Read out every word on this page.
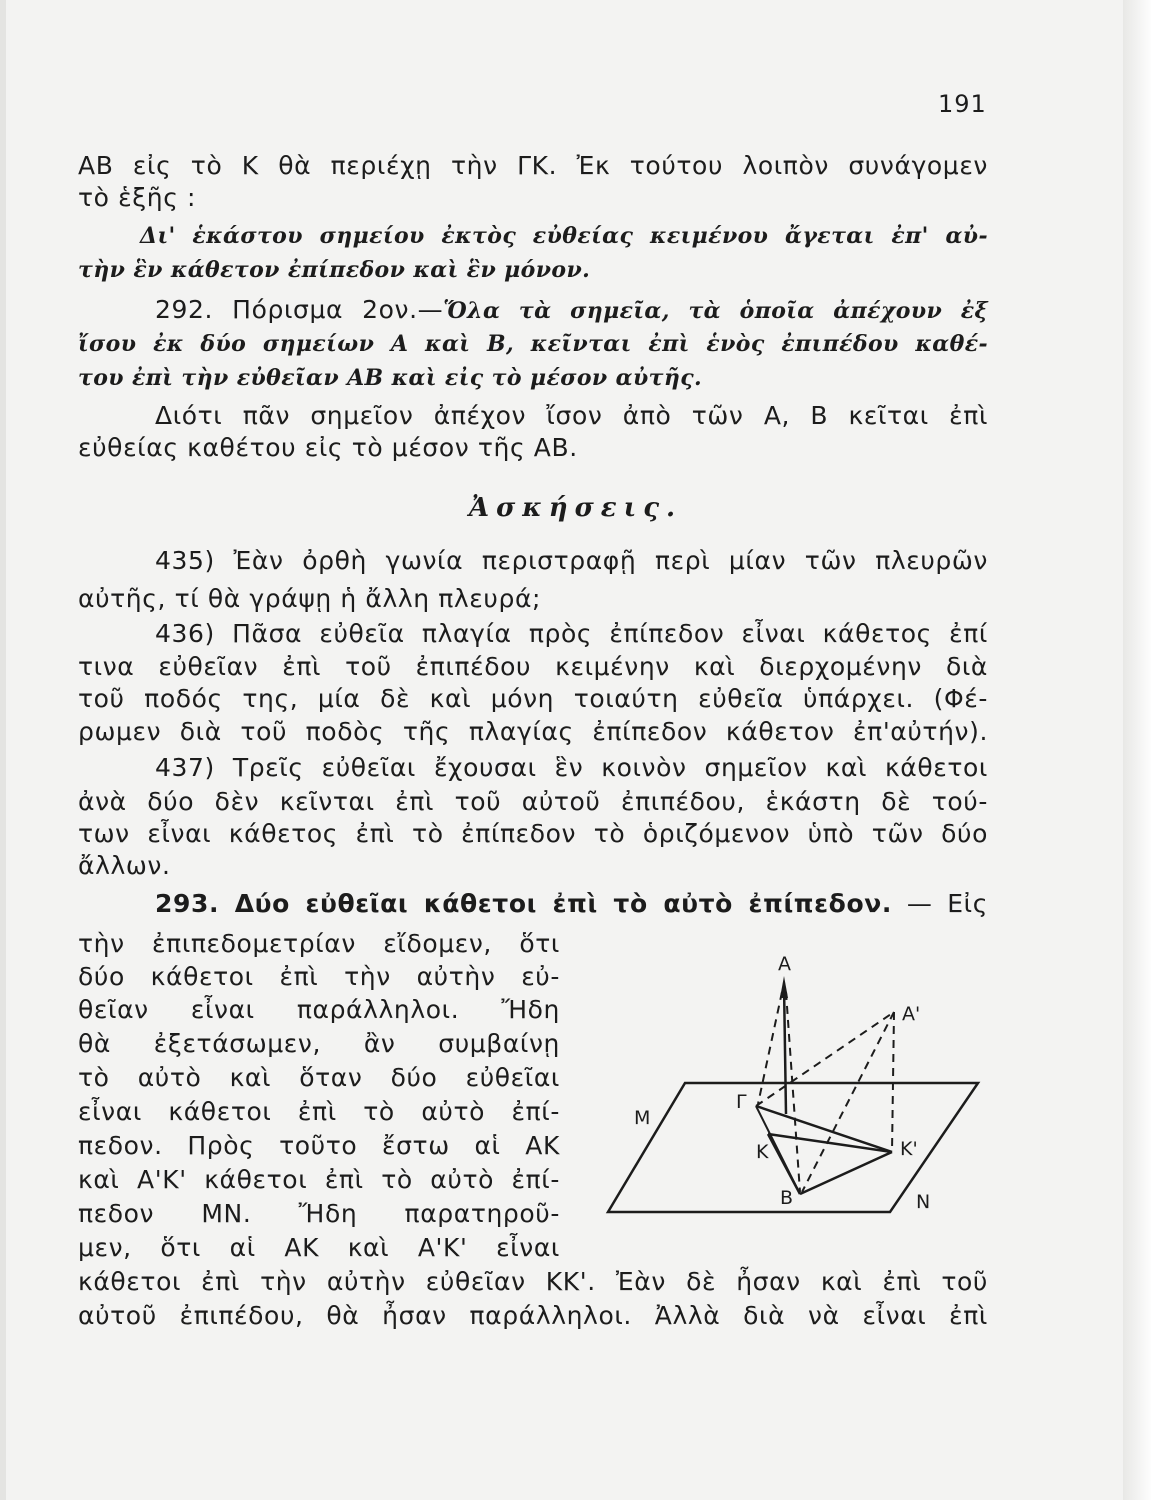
191
ΑΒ εἰς τὸ Κ θὰ περιέχῃ τὴν ΓΚ. Ἐκ τούτου λοιπὸν συνάγομεν
τὸ ἑξῆς :
Δι' ἑκάστου σημείου ἐκτὸς εὐθείας κειμένου ἄγεται ἐπ' αὐ-
τὴν ἓν κάθετον ἐπίπεδον καὶ ἓν μόνον.
292. Πόρισμα 2ον.—Ὅλα τὰ σημεῖα, τὰ ὁποῖα ἀπέχουν ἐξ
ἴσου ἐκ δύο σημείων Α καὶ Β, κεῖνται ἐπὶ ἑνὸς ἐπιπέδου καθέ-
του ἐπὶ τὴν εὐθεῖαν ΑΒ καὶ εἰς τὸ μέσον αὐτῆς.
Διότι πᾶν σημεῖον ἀπέχον ἴσον ἀπὸ τῶν Α, Β κεῖται ἐπὶ
εὐθείας καθέτου εἰς τὸ μέσον τῆς ΑΒ.
Ἀσκήσεις.
435) Ἐὰν ὀρθὴ γωνία περιστραφῇ περὶ μίαν τῶν πλευρῶν
αὐτῆς, τί θὰ γράψῃ ἡ ἄλλη πλευρά;
436) Πᾶσα εὐθεῖα πλαγία πρὸς ἐπίπεδον εἶναι κάθετος ἐπί
τινα εὐθεῖαν ἐπὶ τοῦ ἐπιπέδου κειμένην καὶ διερχομένην διὰ
τοῦ ποδός της, μία δὲ καὶ μόνη τοιαύτη εὐθεῖα ὑπάρχει. (Φέ-
ρωμεν διὰ τοῦ ποδὸς τῆς πλαγίας ἐπίπεδον κάθετον ἐπ'αὐτήν).
437) Τρεῖς εὐθεῖαι ἔχουσαι ἓν κοινὸν σημεῖον καὶ κάθετοι
ἀνὰ δύο δὲν κεῖνται ἐπὶ τοῦ αὐτοῦ ἐπιπέδου, ἑκάστη δὲ τού-
των εἶναι κάθετος ἐπὶ τὸ ἐπίπεδον τὸ ὁριζόμενον ὑπὸ τῶν δύο
ἄλλων.
293. Δύο εὐθεῖαι κάθετοι ἐπὶ τὸ αὐτὸ ἐπίπεδον. — Εἰς
τὴν ἐπιπεδομετρίαν εἴδομεν, ὅτι
δύο κάθετοι ἐπὶ τὴν αὐτὴν εὐ-
θεῖαν εἶναι παράλληλοι. Ἤδη
θὰ ἐξετάσωμεν, ἂν συμβαίνῃ
τὸ αὐτὸ καὶ ὅταν δύο εὐθεῖαι
εἶναι κάθετοι ἐπὶ τὸ αὐτὸ ἐπί-
πεδον. Πρὸς τοῦτο ἔστω αἱ ΑΚ
καὶ Α'Κ' κάθετοι ἐπὶ τὸ αὐτὸ ἐπί-
πεδον ΜΝ. Ἤδη παρατηροῦ-
μεν, ὅτι αἱ ΑΚ καὶ Α'Κ' εἶναι
κάθετοι ἐπὶ τὴν αὐτὴν εὐθεῖαν ΚΚ'. Ἐὰν δὲ ἦσαν καὶ ἐπὶ τοῦ
αὐτοῦ ἐπιπέδου, θὰ ἦσαν παράλληλοι. Ἀλλὰ διὰ νὰ εἶναι ἐπὶ
Α
Α'
Γ
Μ
Κ	Κ'
Β	Ν
